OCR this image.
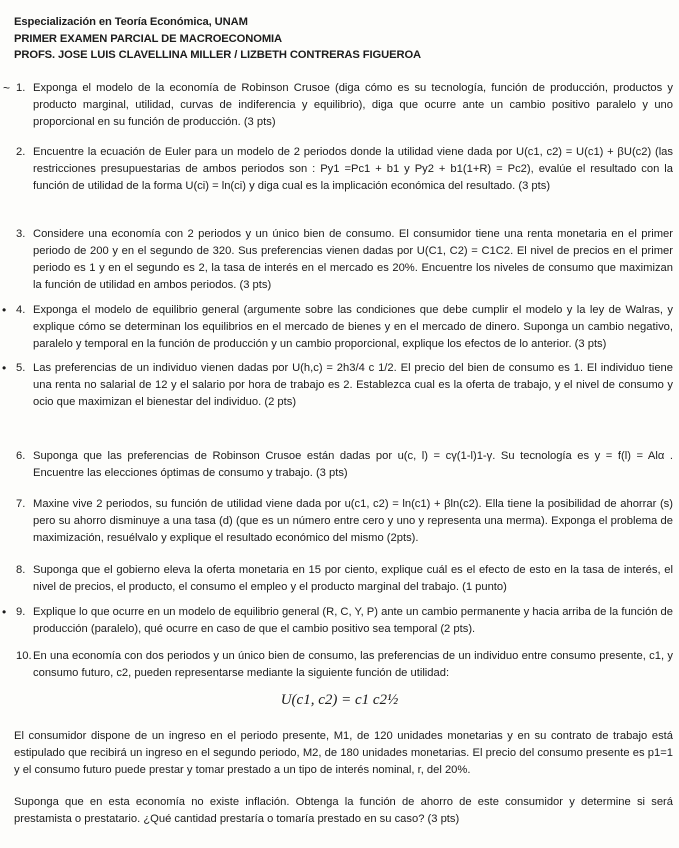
Especialización en Teoría Económica, UNAM
PRIMER EXAMEN PARCIAL DE MACROECONOMIA
PROFS. JOSE LUIS CLAVELLINA MILLER / LIZBETH CONTRERAS FIGUEROA
~ 1. Exponga el modelo de la economía de Robinson Crusoe (diga cómo es su tecnología, función de producción, productos y producto marginal, utilidad, curvas de indiferencia y equilibrio), diga que ocurre ante un cambio positivo paralelo y uno proporcional en su función de producción. (3 pts)
2. Encuentre la ecuación de Euler para un modelo de 2 periodos donde la utilidad viene dada por U(c1, c2) = U(c1) + βU(c2) (las restricciones presupuestarias de ambos periodos son : Py1 =Pc1 + b1 y Py2 + b1(1+R) = Pc2), evalúe el resultado con la función de utilidad de la forma U(ci) = ln(ci) y diga cual es la implicación económica del resultado. (3 pts)
3. Considere una economía con 2 periodos y un único bien de consumo. El consumidor tiene una renta monetaria en el primer periodo de 200 y en el segundo de 320. Sus preferencias vienen dadas por U(C1, C2) = C1C2. El nivel de precios en el primer periodo es 1 y en el segundo es 2, la tasa de interés en el mercado es 20%. Encuentre los niveles de consumo que maximizan la función de utilidad en ambos periodos. (3 pts)
• 4. Exponga el modelo de equilibrio general (argumente sobre las condiciones que debe cumplir el modelo y la ley de Walras, y explique cómo se determinan los equilibrios en el mercado de bienes y en el mercado de dinero. Suponga un cambio negativo, paralelo y temporal en la función de producción y un cambio proporcional, explique los efectos de lo anterior. (3 pts)
• 5. Las preferencias de un individuo vienen dadas por U(h,c) = 2h3/4 c 1/2. El precio del bien de consumo es 1. El individuo tiene una renta no salarial de 12 y el salario por hora de trabajo es 2. Establezca cual es la oferta de trabajo, y el nivel de consumo y ocio que maximizan el bienestar del individuo. (2 pts)
6. Suponga que las preferencias de Robinson Crusoe están dadas por u(c, l) = cγ(1-l)1-γ. Su tecnología es y = f(l) = Alα . Encuentre las elecciones óptimas de consumo y trabajo. (3 pts)
7. Maxine vive 2 periodos, su función de utilidad viene dada por u(c1, c2) = ln(c1) + βln(c2). Ella tiene la posibilidad de ahorrar (s) pero su ahorro disminuye a una tasa (d) (que es un número entre cero y uno y representa una merma). Exponga el problema de maximización, resuélvalo y explique el resultado económico del mismo (2pts).
8. Suponga que el gobierno eleva la oferta monetaria en 15 por ciento, explique cuál es el efecto de esto en la tasa de interés, el nivel de precios, el producto, el consumo el empleo y el producto marginal del trabajo. (1 punto)
• 9. Explique lo que ocurre en un modelo de equilibrio general (R, C, Y, P) ante un cambio permanente y hacia arriba de la función de producción (paralelo), qué ocurre en caso de que el cambio positivo sea temporal (2 pts).
10. En una economía con dos periodos y un único bien de consumo, las preferencias de un individuo entre consumo presente, c1, y consumo futuro, c2, pueden representarse mediante la siguiente función de utilidad:
U(c1, c2) = c1 c2½
El consumidor dispone de un ingreso en el periodo presente, M1, de 120 unidades monetarias y en su contrato de trabajo está estipulado que recibirá un ingreso en el segundo periodo, M2, de 180 unidades monetarias. El precio del consumo presente es p1=1 y el consumo futuro puede prestar y tomar prestado a un tipo de interés nominal, r, del 20%.
Suponga que en esta economía no existe inflación. Obtenga la función de ahorro de este consumidor y determine si será prestamista o prestatario. ¿Qué cantidad prestaría o tomaría prestado en su caso? (3 pts)
